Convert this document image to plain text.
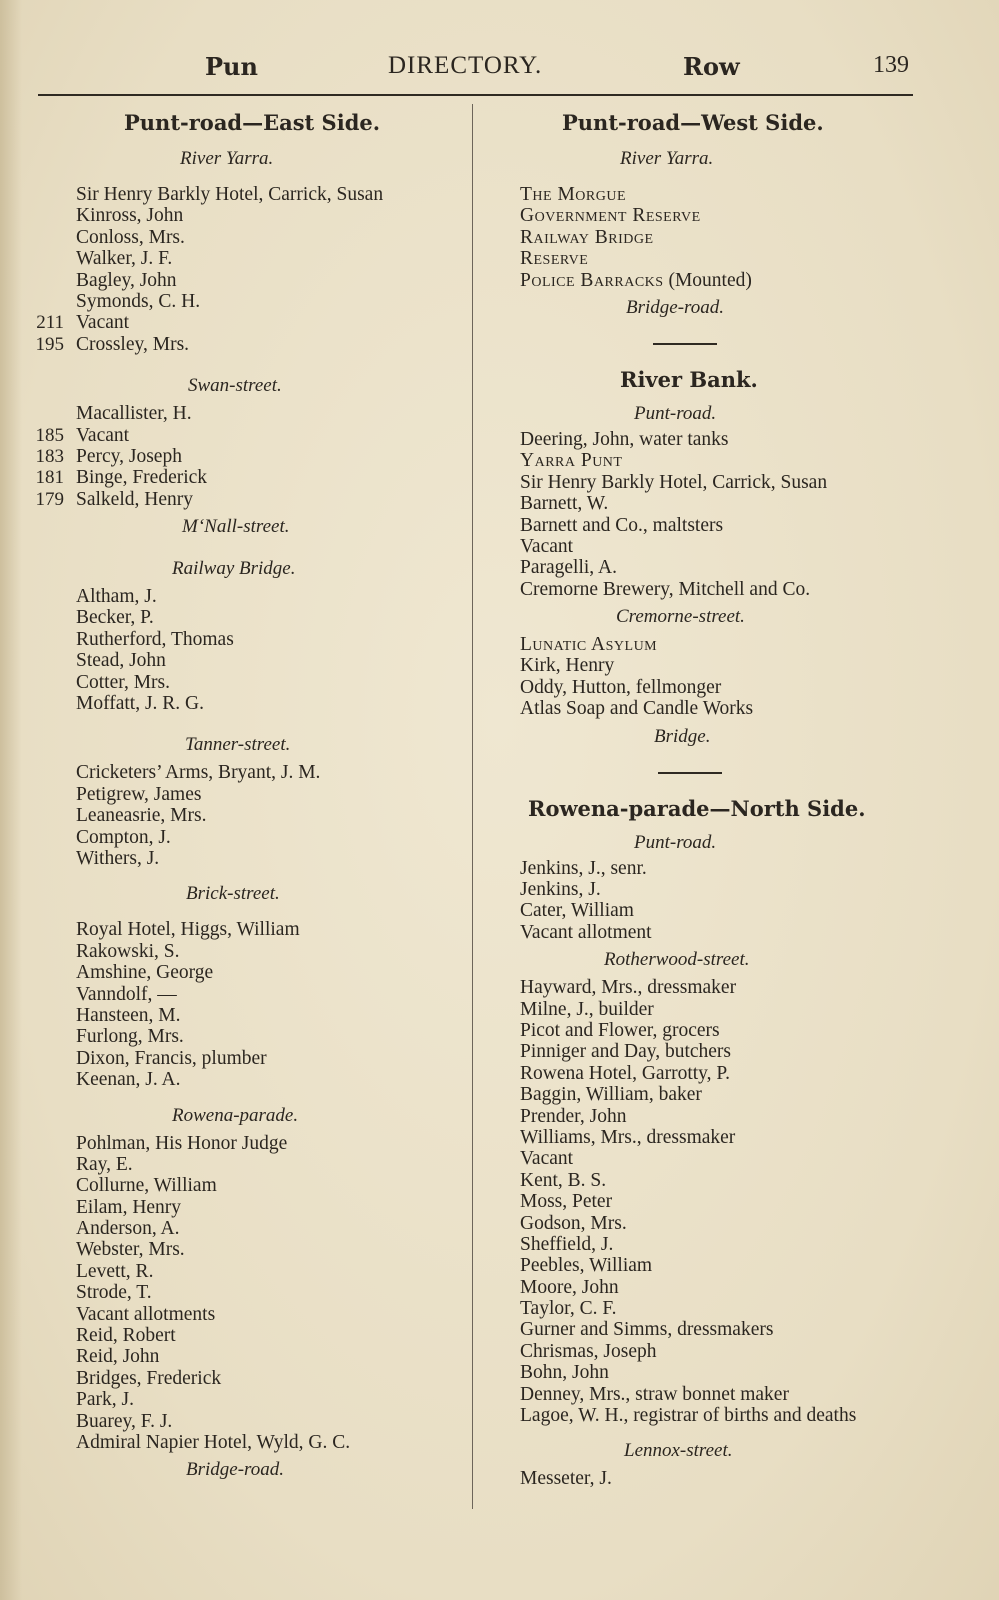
Pun	DIRECTORY.	Row	139
Punt-road—East Side.
River Yarra.
Sir Henry Barkly Hotel, Carrick, Susan
Kinross, John
Conloss, Mrs.
Walker, J. F.
Bagley, John
Symonds, C. H.
211 Vacant
195 Crossley, Mrs.
Swan-street.
Macallister, H.
185 Vacant
183 Percy, Joseph
181 Binge, Frederick
179 Salkeld, Henry
M‘Nall-street.
Railway Bridge.
Altham, J.
Becker, P.
Rutherford, Thomas
Stead, John
Cotter, Mrs.
Moffatt, J. R. G.
Tanner-street.
Cricketers’ Arms, Bryant, J. M.
Petigrew, James
Leaneasrie, Mrs.
Compton, J.
Withers, J.
Brick-street.
Royal Hotel, Higgs, William
Rakowski, S.
Amshine, George
Vanndolf, —
Hansteen, M.
Furlong, Mrs.
Dixon, Francis, plumber
Keenan, J. A.
Rowena-parade.
Pohlman, His Honor Judge
Ray, E.
Collurne, William
Eilam, Henry
Anderson, A.
Webster, Mrs.
Levett, R.
Strode, T.
Vacant allotments
Reid, Robert
Reid, John
Bridges, Frederick
Park, J.
Buarey, F. J.
Admiral Napier Hotel, Wyld, G. C.
Bridge-road.
Punt-road—West Side.
River Yarra.
The Morgue
Government Reserve
Railway Bridge
Reserve
Police Barracks (Mounted)
Bridge-road.
River Bank.
Punt-road.
Deering, John, water tanks
Yarra Punt
Sir Henry Barkly Hotel, Carrick, Susan
Barnett, W.
Barnett and Co., maltsters
Vacant
Paragelli, A.
Cremorne Brewery, Mitchell and Co.
Cremorne-street.
Lunatic Asylum
Kirk, Henry
Oddy, Hutton, fellmonger
Atlas Soap and Candle Works
Bridge.
Rowena-parade—North Side.
Punt-road.
Jenkins, J., senr.
Jenkins, J.
Cater, William
Vacant allotment
Rotherwood-street.
Hayward, Mrs., dressmaker
Milne, J., builder
Picot and Flower, grocers
Pinniger and Day, butchers
Rowena Hotel, Garrotty, P.
Baggin, William, baker
Prender, John
Williams, Mrs., dressmaker
Vacant
Kent, B. S.
Moss, Peter
Godson, Mrs.
Sheffield, J.
Peebles, William
Moore, John
Taylor, C. F.
Gurner and Simms, dressmakers
Chrismas, Joseph
Bohn, John
Denney, Mrs., straw bonnet maker
Lagoe, W. H., registrar of births and deaths
Lennox-street.
Messeter, J.
